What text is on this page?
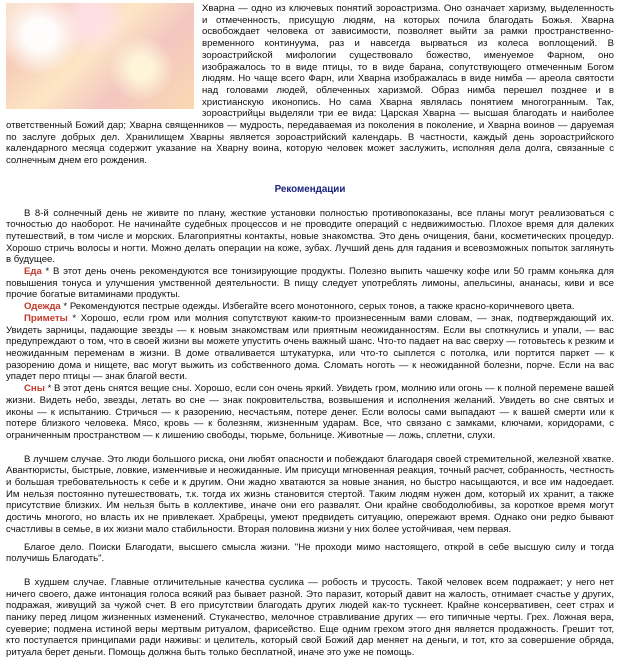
Хварна — одно из ключевых понятий зороастризма. Оно означает харизму, выделенность и отмеченность, присущую людям, на которых почила благодать Божья. Хварна освобождает человека от зависимости, позволяет выйти за рамки пространственно- временного континуума, раз и навсегда вырваться из колеса воплощений. В зороастрийской мифологии существовало божество, именуемое Фарном, оно изображалось то в виде птицы, то в виде барана, сопутствующего отмеченным Богом людям. Но чаще всего Фарн, или Хварна изображалась в виде нимба — ареола святости над головами людей, облеченных харизмой. Образ нимба перешел позднее и в христианскую иконопись. Но сама Хварна являлась понятием многогранным. Так, зороастрийцы выделяли три ее вида: Царская Хварна — высшая благодать и наиболее ответственный Божий дар; Хварна священников — мудрость, передаваемая из поколения в поколение, и Хварна воинов — даруемая по заслуге добрых дел. Хранилищем Хварны является зороастрийский календарь. В частности, каждый день зороастрийского календарного месяца содержит указание на Хварну воина, которую человек может заслужить, исполняя дела долга, связанные с солнечным днем его рождения.

Рекомендации

В 8-й солнечный день не живите по плану, жесткие установки полностью противопоказаны, все планы могут реализоваться с точностью до наоборот. Не начинайте судебных процессов и не проводите операций с недвижимостью. Плохое время для далеких путешествий, в том числе и морских. Благоприятны контакты, новые знакомства. Это день очищения, бани, косметических процедур. Хорошо стричь волосы и ногти. Можно делать операции на коже, зубах. Лучший день для гадания и всевозможных попыток заглянуть в будущее.

Еда * В этот день очень рекомендуются все тонизирующие продукты. Полезно выпить чашечку кофе или 50 грамм коньяка для повышения тонуса и улучшения умственной деятельности. В пищу следует употреблять лимоны, апельсины, ананасы, киви и все прочие богатые витаминами продукты.

Одежда * Рекомендуются пестрые одежды. Избегайте всего монотонного, серых тонов, а также красно-коричневого цвета.

Приметы * Хорошо, если гром или молния сопутствуют каким-то произнесенным вами словам, — знак, подтверждающий их. Увидеть зарницы, падающие звезды — к новым знакомствам или приятным неожиданностям. Если вы споткнулись и упали, — вас предупреждают о том, что в своей жизни вы можете упустить очень важный шанс. Что-то падает на вас сверху — готовьтесь к резким и неожиданным переменам в жизни. В доме отваливается штукатурка, или что-то сыплется с потолка, или портится паркет — к разорению дома и нищете, вас могут выжить из собственного дома. Сломать ноготь — к неожиданной болезни, порче. Если на вас упадет перо птицы — знак благой вести.

Сны * В этот день снятся вещие сны. Хорошо, если сон очень яркий. Увидеть гром, молнию или огонь — к полной перемене вашей жизни. Видеть небо, звезды, летать во сне — знак покровительства, возвышения и исполнения желаний. Увидеть во сне святых и иконы — к испытанию. Стричься — к разорению, несчастьям, потере денег. Если волосы сами выпадают — к вашей смерти или к потере близкого человека. Мясо, кровь — к болезням, жизненным ударам. Все, что связано с замками, ключами, коридорами, с ограниченным пространством — к лишению свободы, тюрьме, больнице. Животные — ложь, сплетни, слухи.

В лучшем случае. Это люди большого риска, они любят опасности и побеждают благодаря своей стремительной, железной хватке. Авантюристы, быстрые, ловкие, изменчивые и неожиданные. Им присущи мгновенная реакция, точный расчет, собранность, честность и большая требовательность к себе и к другим. Они жадно хватаются за новые знания, но быстро насыщаются, и все им надоедает. Им нельзя постоянно путешествовать, т.к. тогда их жизнь становится стертой. Таким людям нужен дом, который их хранит, а также присутствие близких. Им нельзя быть в коллективе, иначе они его развалят. Они крайне свободолюбивы, за короткое время могут достичь многого, но власть их не привлекает. Храбрецы, умеют предвидеть ситуацию, опережают время. Однако они редко бывают счастливы в семье, в их жизни мало стабильности. Вторая половина жизни у них более устойчивая, чем первая.

Благое дело. Поиски Благодати, высшего смысла жизни. "Не проходи мимо настоящего, открой в себе высшую силу и тогда получишь Благодать".

В худшем случае. Главные отличительные качества суслика — робость и трусость. Такой человек всем подражает; у него нет ничего своего, даже интонация голоса всякий раз бывает разной. Это паразит, который давит на жалость, отнимает счастье у других, подражая, живущий за чужой счет. В его присутствии благодать других людей как-то тускнеет. Крайне консервативен, сеет страх и панику перед лицом жизненных изменений. Стукачество, мелочное стравливание других — его типичные черты. Грех. Ложная вера, суеверие; подмена истиной веры мертвым ритуалом, фарисейство. Еще одним грехом этого дня является продажность. Грешит тот, кто поступается принципами ради наживы: и целитель, который свой Божий дар меняет на деньги, и тот, кто за совершение обряда, ритуала берет деньги. Помощь должна быть только бесплатной, иначе это уже не помощь.
